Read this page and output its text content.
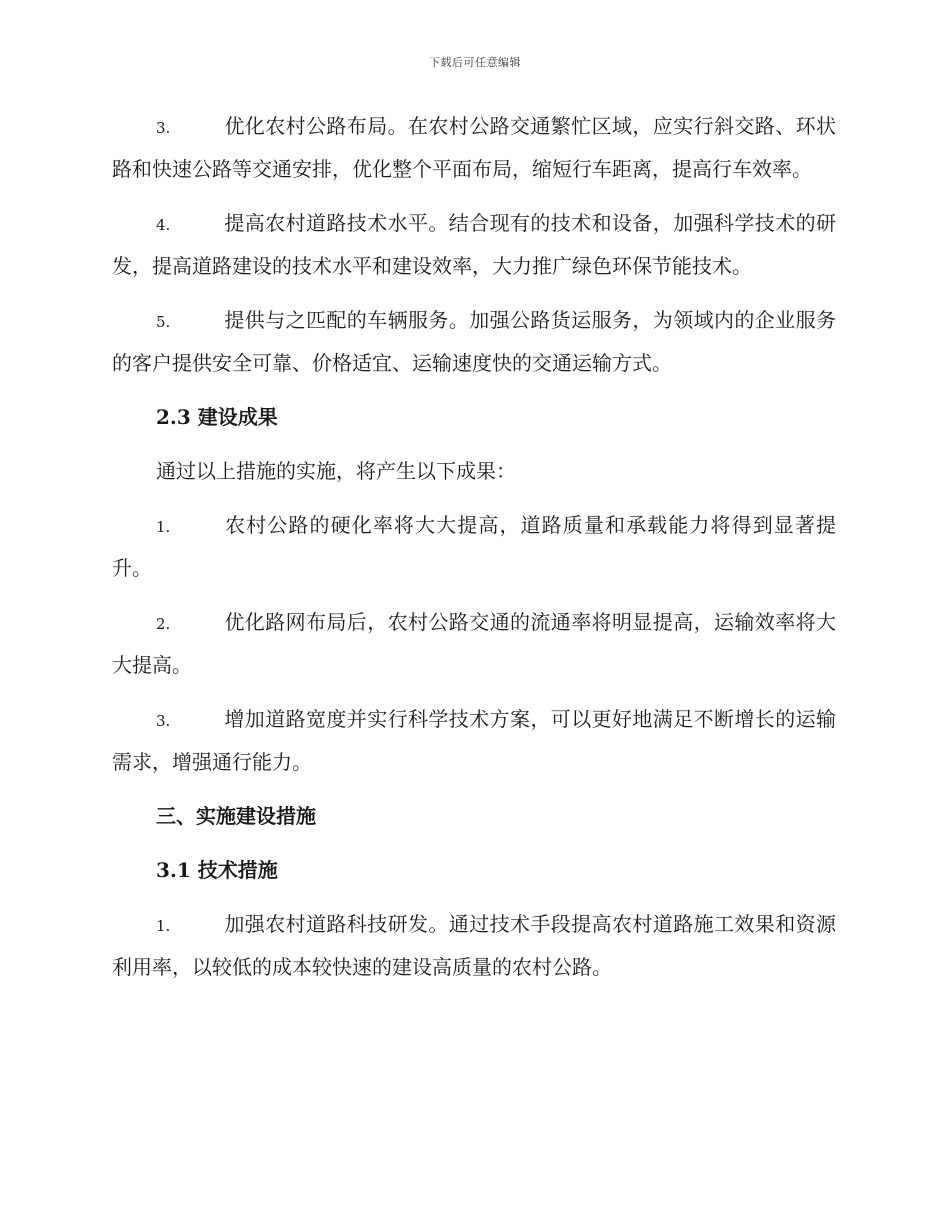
下载后可任意编辑

3.	优化农村公路布局。在农村公路交通繁忙区域，应实行斜交路、环状路和快速公路等交通安排，优化整个平面布局，缩短行车距离，提高行车效率。

4.	提高农村道路技术水平。结合现有的技术和设备，加强科学技术的研发，提高道路建设的技术水平和建设效率，大力推广绿色环保节能技术。

5.	提供与之匹配的车辆服务。加强公路货运服务，为领域内的企业服务的客户提供安全可靠、价格适宜、运输速度快的交通运输方式。

2.3 建设成果

通过以上措施的实施，将产生以下成果：

1.	农村公路的硬化率将大大提高，道路质量和承载能力将得到显著提升。

2.	优化路网布局后，农村公路交通的流通率将明显提高，运输效率将大大提高。

3.	增加道路宽度并实行科学技术方案，可以更好地满足不断增长的运输需求，增强通行能力。

三、实施建设措施
3.1 技术措施

1.	加强农村道路科技研发。通过技术手段提高农村道路施工效果和资源利用率，以较低的成本较快速的建设高质量的农村公路。
